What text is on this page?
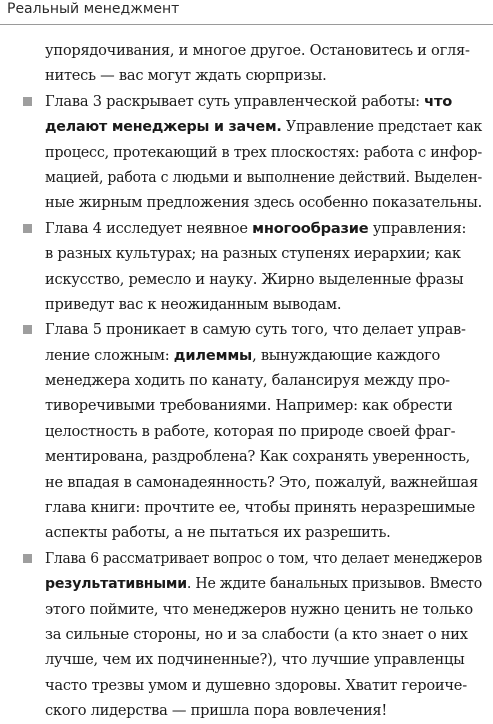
Реальный менеджмент
упорядочивания, и многое другое. Остановитесь и огля-
нитесь — вас могут ждать сюрпризы.
Глава 3 раскрывает суть управленческой работы: что
делают менеджеры и зачем. Управление предстает как
процесс, протекающий в трех плоскостях: работа с инфор-
мацией, работа с людьми и выполнение действий. Выделен-
ные жирным предложения здесь особенно показательны.
Глава 4 исследует неявное многообразие управления:
в разных культурах; на разных ступенях иерархии; как
искусство, ремесло и науку. Жирно выделенные фразы
приведут вас к неожиданным выводам.
Глава 5 проникает в самую суть того, что делает управ-
ление сложным: дилеммы, вынуждающие каждого
менеджера ходить по канату, балансируя между про-
тиворечивыми требованиями. Например: как обрести
целостность в работе, которая по природе своей фраг-
ментирована, раздроблена? Как сохранять уверенность,
не впадая в самонадеянность? Это, пожалуй, важнейшая
глава книги: прочтите ее, чтобы принять неразрешимые
аспекты работы, а не пытаться их разрешить.
Глава 6 рассматривает вопрос о том, что делает менеджеров
результативными. Не ждите банальных призывов. Вместо
этого поймите, что менеджеров нужно ценить не только
за сильные стороны, но и за слабости (а кто знает о них
лучше, чем их подчиненные?), что лучшие управленцы
часто трезвы умом и душевно здоровы. Хватит героиче-
ского лидерства — пришла пора вовлечения!
